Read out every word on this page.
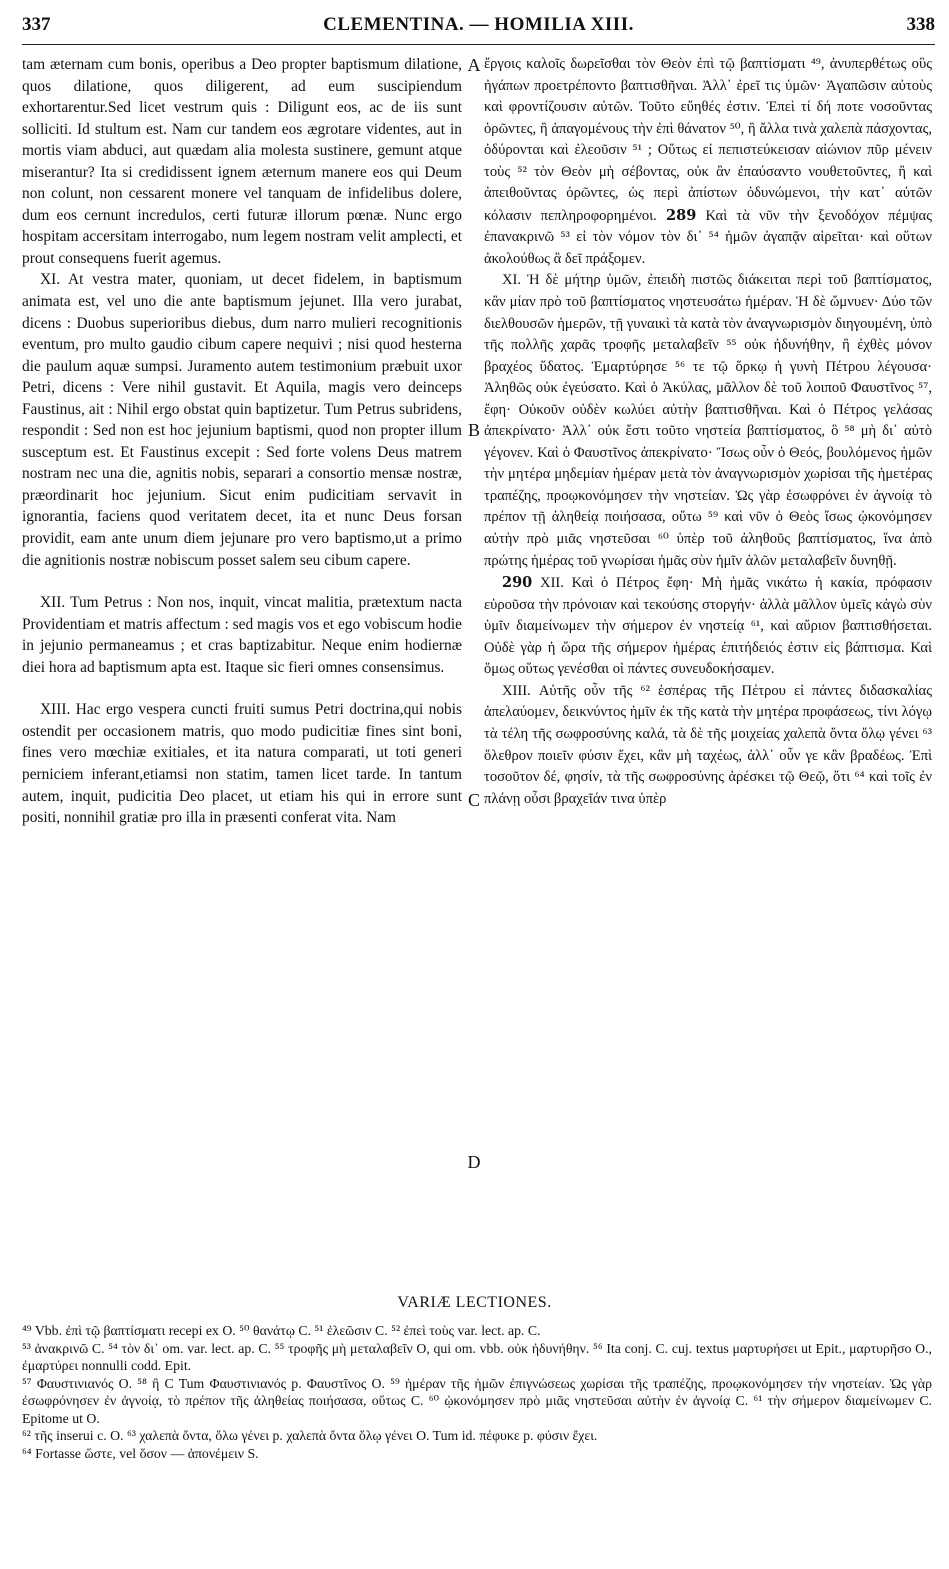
337	CLEMENTINA. — HOMILIA XIII.	338

tam æternam cum bonis, operibus a Deo propter baptismum dilatione, quos dilatione, quos diligerent, ad eum suscipiendum exhortarentur.Sed licet vestrum quis : Diligunt eos, ac de iis sunt solliciti. Id stultum est. Nam cur tandem eos ægrotare videntes, aut in mortis viam abduci, aut quædam alia molesta sustinere, gemunt atque miserantur? Ita si credidissent ignem æternum manere eos qui Deum non colunt, non cessarent monere vel tanquam de infidelibus dolere, dum eos cernunt incredulos, certi futuræ illorum pœnæ. Nunc ergo hospitam accersitam interrogabo, num legem nostram velit amplecti, et prout consequens fuerit agemus.

XI. At vestra mater, quoniam, ut decet fidelem, in baptismum animata est, vel uno die ante baptismum jejunet. Illa vero jurabat, dicens : Duobus superioribus diebus, dum narro mulieri recognitionis eventum, pro multo gaudio cibum capere nequivi ; nisi quod hesterna die paulum aquæ sumpsi. Juramento autem testimonium præbuit uxor Petri, dicens : Vere nihil gustavit. Et Aquila, magis vero deinceps Faustinus, ait : Nihil ergo obstat quin baptizetur. Tum Petrus subridens, respondit : Sed non est hoc jejunium baptismi, quod non propter illum susceptum est. Et Faustinus excepit : Sed forte volens Deus matrem nostram nec una die, agnitis nobis, separari a consortio mensæ nostræ, præordinarit hoc jejunium. Sicut enim pudicitiam servavit in ignorantia, faciens quod veritatem decet, ita et nunc Deus forsan providit, eam ante unum diem jejunare pro vero baptismo,ut a primo die agnitionis nostræ nobiscum posset salem seu cibum capere.

XII. Tum Petrus : Non nos, inquit, vincat malitia, prætextum nacta Providentiam et matris affectum : sed magis vos et ego vobiscum hodie in jejunio permaneamus ; et cras baptizabitur. Neque enim hodiernæ diei hora ad baptismum apta est. Itaque sic fieri omnes consensimus.

XIII. Hac ergo vespera cuncti fruiti sumus Petri doctrina,qui nobis ostendit per occasionem matris, quo modo pudicitiæ fines sint boni, fines vero mœchiæ exitiales, et ita natura comparati, ut toti generi perniciem inferant,etiamsi non statim, tamen licet tarde. In tantum autem, inquit, pudicitia Deo placet, ut etiam his qui in errore sunt positi, nonnihil gratiæ pro illa in præsenti conferat vita. Nam

A
B
C
D

ἔργοις καλοῖς δωρεῖσθαι τὸν Θεὸν ἐπὶ τῷ βαπτίσματι ⁴⁹, ἀνυπερθέτως οὓς ἠγάπων προετρέποντο βαπτισθῆναι. Ἀλλ᾽ ἐρεῖ τις ὑμῶν· Ἀγαπῶσιν αὐτοὺς καὶ φροντίζουσιν αὐτῶν. Τοῦτο εὔηθές ἐστιν. Ἐπεὶ τί δή ποτε νοσοῦντας ὁρῶντες, ἢ ἀπαγομένους τὴν ἐπὶ θάνατον ⁵⁰, ἢ ἄλλα τινὰ χαλεπὰ πάσχοντας, ὀδύρονται καὶ ἐλεοῦσιν ⁵¹ ; Οὕτως εἰ πεπιστεύκεισαν αἰώνιον πῦρ μένειν τοὺς ⁵² τὸν Θεὸν μὴ σέβοντας, οὐκ ἂν ἐπαύσαντο νουθετοῦντες, ἢ καὶ ἀπειθοῦντας ὁρῶντες, ὡς περὶ ἀπίστων ὀδυνώμενοι, τὴν κατ᾽ αὐτῶν κόλασιν πεπληροφορημένοι. 289 Καὶ τὰ νῦν τὴν ξενοδόχον πέμψας ἐπανακρινῶ ⁵³ εἰ τὸν νόμον τὸν δι᾽ ⁵⁴ ἡμῶν ἀγαπᾷν αἱρεῖται· καὶ οὕτων ἀκολούθως ἃ δεῖ πράξομεν.

XI. Ἡ δὲ μήτηρ ὑμῶν, ἐπειδὴ πιστῶς διάκειται περὶ τοῦ βαπτίσματος, κἂν μίαν πρὸ τοῦ βαπτίσματος νηστευσάτω ἡμέραν. Ἡ δὲ ὤμνυεν· Δύο τῶν διελθουσῶν ἡμερῶν, τῇ γυναικὶ τὰ κατὰ τὸν ἀναγνωρισμὸν διηγουμένη, ὑπὸ τῆς πολλῆς χαρᾶς τροφῆς μεταλαβεῖν ⁵⁵ οὐκ ἠδυνήθην, ἢ ἐχθὲς μόνον βραχέος ὕδατος. Ἐμαρτύρησε ⁵⁶ τε τῷ ὅρκῳ ἡ γυνὴ Πέτρου λέγουσα· Ἀληθῶς οὐκ ἐγεύσατο. Καὶ ὁ Ἀκύλας, μᾶλλον δὲ τοῦ λοιποῦ Φαυστῖνος ⁵⁷, ἔφη· Οὐκοῦν οὐδὲν κωλύει αὐτὴν βαπτισθῆναι. Καὶ ὁ Πέτρος γελάσας ἀπεκρίνατο· Ἀλλ᾽ οὐκ ἔστι τοῦτο νηστεία βαπτίσματος, ὃ ⁵⁸ μὴ δι᾽ αὐτὸ γέγονεν. Καὶ ὁ Φαυστῖνος ἀπεκρίνατο· Ἴσως οὖν ὁ Θεός, βουλόμενος ἡμῶν τὴν μητέρα μηδεμίαν ἡμέραν μετὰ τὸν ἀναγνωρισμὸν χωρίσαι τῆς ἡμετέρας τραπέζης, προῳκονόμησεν τὴν νηστείαν. Ὡς γὰρ ἐσωφρόνει ἐν ἀγνοίᾳ τὸ πρέπον τῇ ἀληθείᾳ ποιήσασα, οὕτω ⁵⁹ καὶ νῦν ὁ Θεὸς ἴσως ᾠκονόμησεν αὐτὴν πρὸ μιᾶς νηστεῦσαι ⁶⁰ ὑπὲρ τοῦ ἀληθοῦς βαπτίσματος, ἵνα ἀπὸ πρώτης ἡμέρας τοῦ γνωρίσαι ἡμᾶς σὺν ἡμῖν ἁλῶν μεταλαβεῖν δυνηθῇ.

290 XII. Καὶ ὁ Πέτρος ἔφη· Μὴ ἡμᾶς νικάτω ἡ κακία, πρόφασιν εὑροῦσα τὴν πρόνοιαν καὶ τεκούσης στοργήν· ἀλλὰ μᾶλλον ὑμεῖς κἀγὼ σὺν ὑμῖν διαμείνωμεν τὴν σήμερον ἐν νηστείᾳ ⁶¹, καὶ αὔριον βαπτισθήσεται. Οὐδὲ γὰρ ἡ ὥρα τῆς σήμερον ἡμέρας ἐπιτήδειός ἐστιν εἰς βάπτισμα. Καὶ ὅμως οὕτως γενέσθαι οἱ πάντες συνευδοκήσαμεν.

XIII. Αὐτῆς οὖν τῆς ⁶² ἑσπέρας τῆς Πέτρου εἰ πάντες διδασκαλίας ἀπελαύομεν, δεικνύντος ἡμῖν ἐκ τῆς κατὰ τὴν μητέρα προφάσεως, τίνι λόγῳ τὰ τέλη τῆς σωφροσύνης καλά, τὰ δὲ τῆς μοιχείας χαλεπὰ ὄντα ὅλῳ γένει ⁶³ ὄλεθρον ποιεῖν φύσιν ἔχει, κἂν μὴ ταχέως, ἀλλ᾽ οὖν γε κἂν βραδέως. Ἐπὶ τοσοῦτον δέ, φησίν, τὰ τῆς σωφροσύνης ἀρέσκει τῷ Θεῷ, ὅτι ⁶⁴ καὶ τοῖς ἐν πλάνῃ οὖσι βραχεῖάν τινα ὑπὲρ

VARIÆ LECTIONES.

⁴⁹ Vbb. ἐπὶ τῷ βαπτίσματι recepi ex O. ⁵⁰ θανάτῳ C. ⁵¹ ἐλεῶσιν C. ⁵² ἐπεὶ τοὺς var. lect. ap. C.

⁵³ ἀνακρινῶ C. ⁵⁴ τὸν δι᾽ om. var. lect. ap. C. ⁵⁵ τροφῆς μὴ μεταλαβεῖν O, qui om. vbb. οὐκ ἠδυνήθην. ⁵⁶ Ita conj. C. cuj. textus μαρτυρήσει ut Epit., μαρτυρῆσο O., ἐμαρτύρει nonnulli codd. Epit.

⁵⁷ Φαυστινιανός O. ⁵⁸ ἢ C Tum Φαυστινιανός p. Φαυστῖνος O. ⁵⁹ ἡμέραν τῆς ἡμῶν ἐπιγνώσεως χωρίσαι τῆς τραπέζης, προῳκονόμησεν τὴν νηστείαν. Ὡς γὰρ ἐσωφρόνησεν ἐν ἀγνοίᾳ, τὸ πρέπον τῆς ἀληθείας ποιήσασα, οὕτως C. ⁶⁰ ᾠκονόμησεν πρὸ μιᾶς νηστεῦσαι αὐτὴν ἐν ἀγνοίᾳ C. ⁶¹ τὴν σήμερον διαμείνωμεν C. Epitome ut O.

⁶² τῆς inserui c. O. ⁶³ χαλεπὰ ὄντα, ὅλω γένει p. χαλεπὰ ὄντα ὅλῳ γένει O. Tum id. πέφυκε p. φύσιν ἔχει.

⁶⁴ Fortasse ὥστε, vel ὅσον — ἀπονέμειν S.
